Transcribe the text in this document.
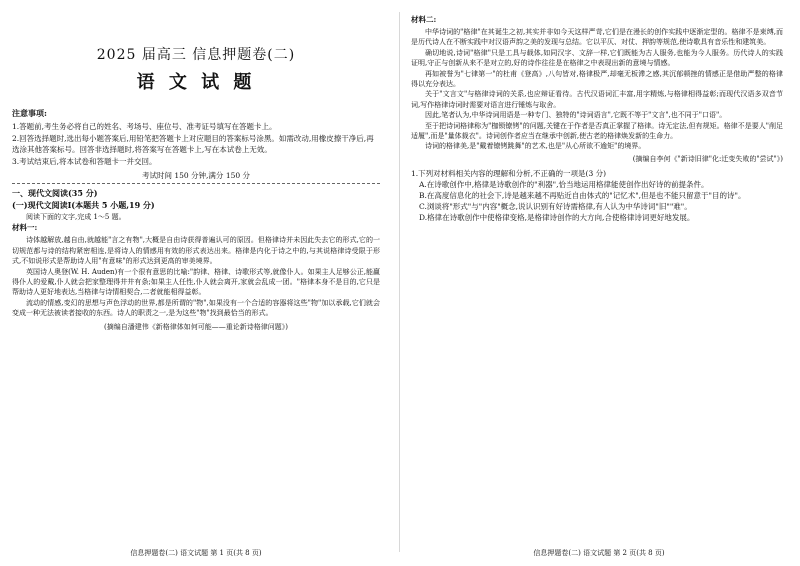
2025 届高三 信息押题卷(二)
语 文 试 题
注意事项:

1.答题前,考生务必将自己的姓名、考场号、座位号、准考证号填写在答题卡上。

2.回答选择题时,选出每小题答案后,用铅笔把答题卡上对应题目的答案标号涂黑。如需改动,用橡皮擦干净后,再选涂其他答案标号。回答非选择题时,将答案写在答题卡上,写在本试卷上无效。

3.考试结束后,将本试卷和答题卡一并交回。

考试时间 150 分钟,满分 150 分
一、现代文阅读(35 分)
(一)现代文阅读Ⅰ(本题共 5 小题,19 分)

阅读下面的文字,完成 1～5 题。

材料一:

诗体越解放,越自由,就越能"言之有物",大概是自由诗获得普遍认可的原因。但格律诗并未因此失去它的形式,它的一切规范都与诗的结构紧密相连,是将诗人的情感用有效的形式表达出来。格律是内化于诗之中的,与其说格律诗受限于形式,不如说形式是帮助诗人用"有意味"的形式达到更高的审美境界。

英国诗人奥登(W. H. Auden)有一个很有意思的比喻:"韵律、格律、诗歌形式等,就像仆人。如果主人足够公正,能赢得仆人的爱戴,仆人就会把家整理得井井有条;如果主人任性,仆人就会离开,家就会乱成一团。"格律本身不是目的,它只是帮助诗人更好地表达,当格律与诗情相契合,二者就能相得益彰。

流动的情感,变幻的思想与声色浮动的世界,都是所谓的"物",如果没有一个合适的容器将这些"物"加以承载,它们就会变成一种无法被读者接收的东西。诗人的职责之一,是为这些"物"找到最恰当的形式。

(摘编自潘建伟《新格律体如何可能——重论新诗格律问题》)

信息押题卷(二) 语文试题 第 1 页(共 8 页)
材料二:

中华诗词的"格律"在其诞生之初,其实并非如今天这样严苛,它们是在漫长的创作实践中逐渐定型的。格律不是束缚,而是历代诗人在不断实践中对汉语声韵之美的发现与总结。它以平仄、对仗、押韵等规范,使诗歌具有音乐性和建筑美。

确切地说,诗词"格律"只是工具与载体,如同汉字、文辞一样,它们既能为古人服务,也能为今人服务。历代诗人的实践证明,守正与创新从来不是对立的,好的诗作往往是在格律之中表现出新的意境与情感。

再如被誉为"七律第一"的杜甫《登高》,八句皆对,格律极严,却毫无板滞之感,其沉郁顿挫的情感正是借助严整的格律得以充分表达。

关于"文言文"与格律诗词的关系,也应辩证看待。古代汉语词汇丰富,用字精炼,与格律相得益彰;而现代汉语多双音节词,写作格律诗词时需要对语言进行锤炼与取舍。

因此,笔者认为,中华诗词用语是一种专门、独特的"诗词语言",它既不等于"文言",也不同于"口语"。

至于把诗词格律称为"枷锁镣铐"的问题,关键在于作者是否真正掌握了格律。诗无定法,但有规矩。格律不是要人"削足适履",而是"量体裁衣"。诗词创作者应当在继承中创新,使古老的格律焕发新的生命力。

诗词的格律美,是"戴着镣铐跳舞"的艺术,也是"从心所欲不逾矩"的境界。

(摘编自李何《"新诗旧律"化:迁变失败的"尝试"》)

1.下列对材料相关内容的理解和分析,不正确的一项是(3 分)

A.在诗歌创作中,格律是诗歌创作的"利器",恰当地运用格律能使创作出好诗的前提条件。

B.在高度信息化的社会下,诗是越来越不再贴近自由体式的"记忆术",但是也不能只留意于"目的诗"。

C.浏谈将"形式"与"内容"概念,说认识别有好诗需格律,有人认为中华诗词"旧""难"。

D.格律在诗歌创作中使格律变格,是格律诗创作的大方向,合使格律诗词更好地发展。

信息押题卷(二) 语文试题 第 2 页(共 8 页)
